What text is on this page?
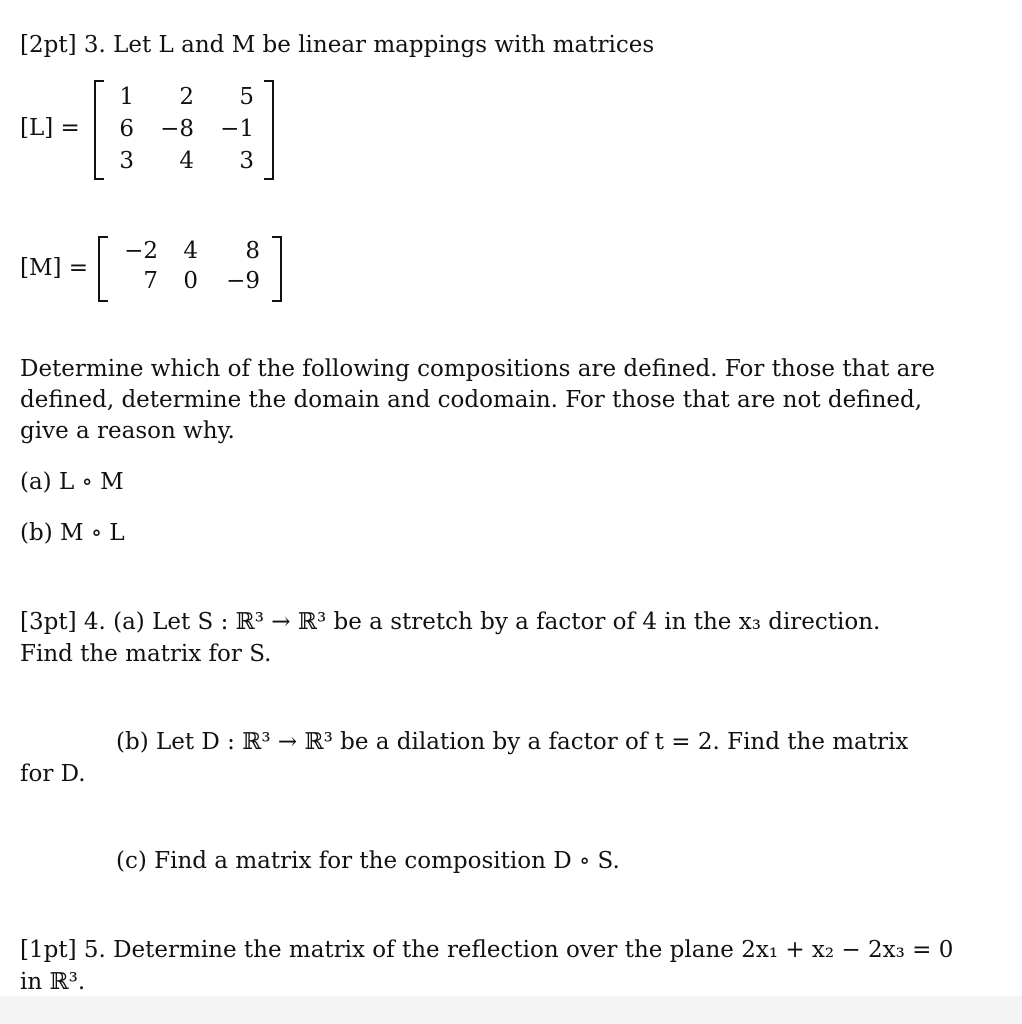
[2pt] 3. Let L and M be linear mappings with matrices
[L] =
1	2	5
6 −8 −1
3	4	3
[M] =
−2	4	8
7	0 −9
Determine which of the following compositions are defined. For those that are defined, determine the domain and codomain. For those that are not defined, give a reason why.
(a) L ∘ M
(b) M ∘ L
[3pt] 4. (a) Let S : ℝ³ → ℝ³ be a stretch by a factor of 4 in the x₃ direction.
Find the matrix for S.
(b) Let D : ℝ³ → ℝ³ be a dilation by a factor of t = 2. Find the matrix
for D.
(c) Find a matrix for the composition D ∘ S.
[1pt] 5. Determine the matrix of the reflection over the plane 2x₁ + x₂ − 2x₃ = 0
in ℝ³.
